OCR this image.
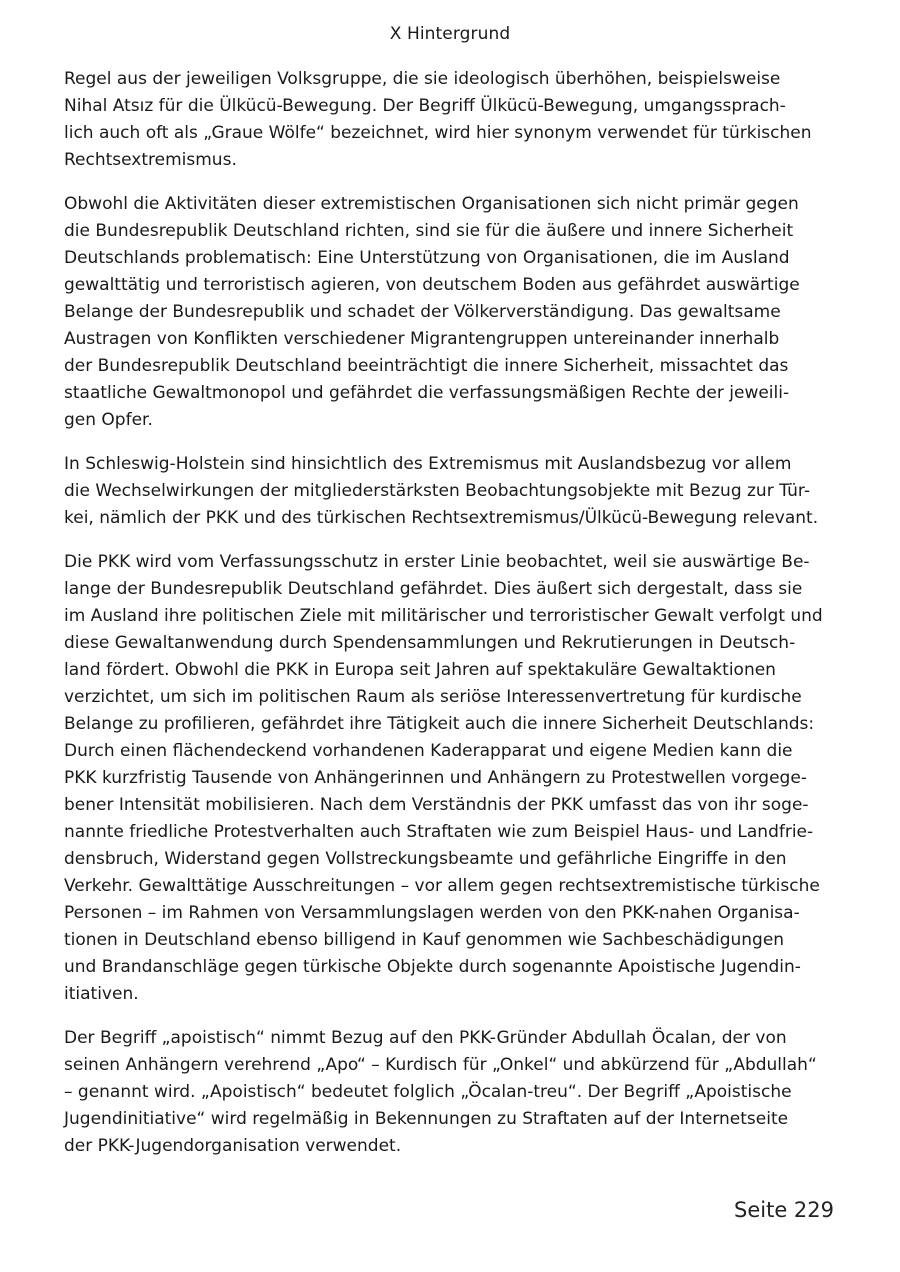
X Hintergrund

Regel aus der jeweiligen Volksgruppe, die sie ideologisch überhöhen, beispielsweise
Nihal Atsız für die Ülkücü-Bewegung. Der Begriff Ülkücü-Bewegung, umgangssprach-
lich auch oft als „Graue Wölfe“ bezeichnet, wird hier synonym verwendet für türkischen
Rechtsextremismus.

Obwohl die Aktivitäten dieser extremistischen Organisationen sich nicht primär gegen
die Bundesrepublik Deutschland richten, sind sie für die äußere und innere Sicherheit
Deutschlands problematisch: Eine Unterstützung von Organisationen, die im Ausland
gewalttätig und terroristisch agieren, von deutschem Boden aus gefährdet auswärtige
Belange der Bundesrepublik und schadet der Völkerverständigung. Das gewaltsame
Austragen von Konflikten verschiedener Migrantengruppen untereinander innerhalb
der Bundesrepublik Deutschland beeinträchtigt die innere Sicherheit, missachtet das
staatliche Gewaltmonopol und gefährdet die verfassungsmäßigen Rechte der jeweili-
gen Opfer.

In Schleswig-Holstein sind hinsichtlich des Extremismus mit Auslandsbezug vor allem
die Wechselwirkungen der mitgliederstärksten Beobachtungsobjekte mit Bezug zur Tür-
kei, nämlich der PKK und des türkischen Rechtsextremismus/Ülkücü-Bewegung relevant.

Die PKK wird vom Verfassungsschutz in erster Linie beobachtet, weil sie auswärtige Be-
lange der Bundesrepublik Deutschland gefährdet. Dies äußert sich dergestalt, dass sie
im Ausland ihre politischen Ziele mit militärischer und terroristischer Gewalt verfolgt und
diese Gewaltanwendung durch Spendensammlungen und Rekrutierungen in Deutsch-
land fördert. Obwohl die PKK in Europa seit Jahren auf spektakuläre Gewaltaktionen
verzichtet, um sich im politischen Raum als seriöse Interessenvertretung für kurdische
Belange zu profilieren, gefährdet ihre Tätigkeit auch die innere Sicherheit Deutschlands:
Durch einen flächendeckend vorhandenen Kaderapparat und eigene Medien kann die
PKK kurzfristig Tausende von Anhängerinnen und Anhängern zu Protestwellen vorgege-
bener Intensität mobilisieren. Nach dem Verständnis der PKK umfasst das von ihr soge-
nannte friedliche Protestverhalten auch Straftaten wie zum Beispiel Haus- und Landfrie-
densbruch, Widerstand gegen Vollstreckungsbeamte und gefährliche Eingriffe in den
Verkehr. Gewalttätige Ausschreitungen – vor allem gegen rechtsextremistische türkische
Personen – im Rahmen von Versammlungslagen werden von den PKK-nahen Organisa-
tionen in Deutschland ebenso billigend in Kauf genommen wie Sachbeschädigungen
und Brandanschläge gegen türkische Objekte durch sogenannte Apoistische Jugendin-
itiativen.

Der Begriff „apoistisch“ nimmt Bezug auf den PKK-Gründer Abdullah Öcalan, der von
seinen Anhängern verehrend „Apo“ – Kurdisch für „Onkel“ und abkürzend für „Abdullah“
– genannt wird. „Apoistisch“ bedeutet folglich „Öcalan-treu“. Der Begriff „Apoistische
Jugendinitiative“ wird regelmäßig in Bekennungen zu Straftaten auf der Internetseite
der PKK-Jugendorganisation verwendet.

Seite 229
